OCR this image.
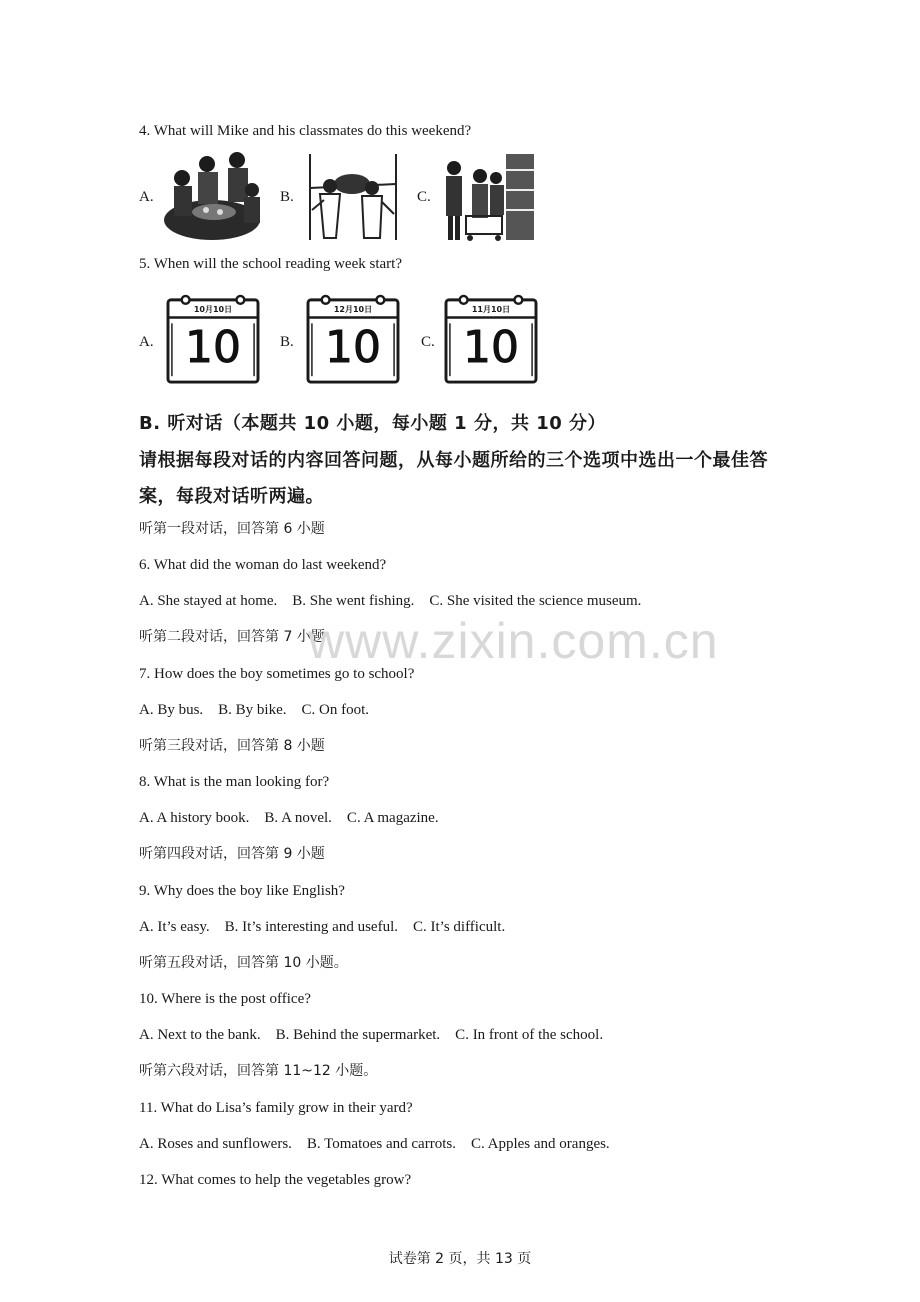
4. What will Mike and his classmates do this weekend?
A.	B.	C.
5. When will the school reading week start?
A.
10月10日
10	B.
12月10日
10	C.
11月10日
10
B. 听对话（本题共 10 小题，每小题 1 分，共 10 分）
请根据每段对话的内容回答问题，从每小题所给的三个选项中选出一个最佳答
案，每段对话听两遍。
听第一段对话，回答第 6 小题
6. What did the woman do last weekend?
A. She stayed at home.    B. She went fishing.    C. She visited the science museum.
听第二段对话，回答第 7 小题
7. How does the boy sometimes go to school?
A. By bus.    B. By bike.    C. On foot.
听第三段对话，回答第 8 小题
8. What is the man looking for?
A. A history book.    B. A novel.    C. A magazine.
听第四段对话，回答第 9 小题
9. Why does the boy like English?
A. It’s easy.    B. It’s interesting and useful.    C. It’s difficult.
听第五段对话，回答第 10 小题。
10. Where is the post office?
A. Next to the bank.    B. Behind the supermarket.    C. In front of the school.
听第六段对话，回答第 11~12 小题。
11. What do Lisa’s family grow in their yard?
A. Roses and sunflowers.    B. Tomatoes and carrots.    C. Apples and oranges.
12. What comes to help the vegetables grow?
www.zixin.com.cn
试卷第 2 页，共 13 页
